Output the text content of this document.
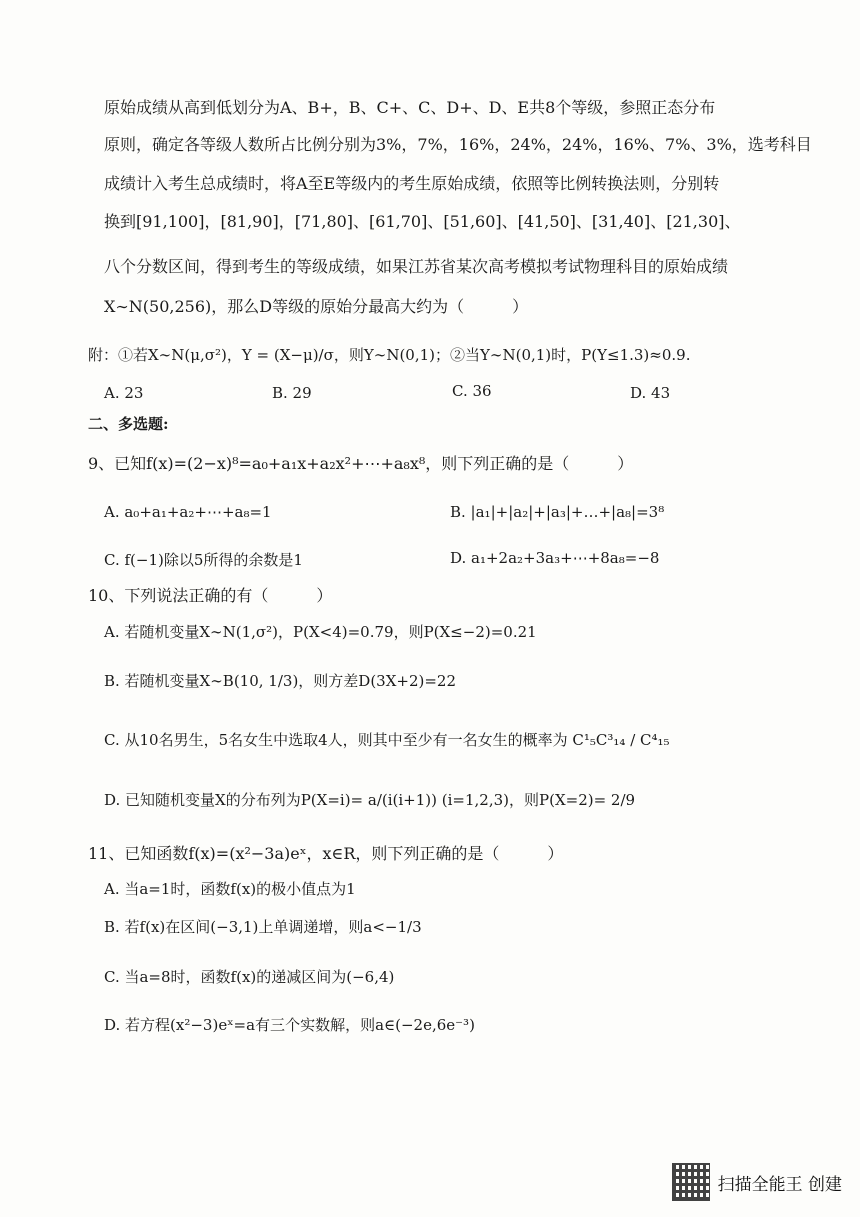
原始成绩从高到低划分为A、B+，B、C+、C、D+、D、E共8个等级，参照正态分布
原则，确定各等级人数所占比例分别为3%，7%，16%，24%，24%，16%、7%、3%，选考科目
成绩计入考生总成绩时，将A至E等级内的考生原始成绩，依照等比例转换法则，分别转
换到[91,100]，[81,90]，[71,80]、[61,70]、[51,60]、[41,50]、[31,40]、[21,30]、
八个分数区间，得到考生的等级成绩，如果江苏省某次高考模拟考试物理科目的原始成绩
X∼N(50,256)，那么D等级的原始分最高大约为（　　　）
附：①若X∼N(μ,σ²)，Y = (X−μ)/σ，则Y∼N(0,1)；②当Y∼N(0,1)时，P(Y≤1.3)≈0.9.
A. 23	B. 29	C. 36	D. 43
二、多选题:
9、已知f(x)=(2−x)⁸=a₀+a₁x+a₂x²+⋯+a₈x⁸，则下列正确的是（　　　）
A. a₀+a₁+a₂+⋯+a₈=1	B. |a₁|+|a₂|+|a₃|+…+|a₈|=3⁸
C. f(−1)除以5所得的余数是1	D. a₁+2a₂+3a₃+⋯+8a₈=−8
10、下列说法正确的有（　　　）
A. 若随机变量X∼N(1,σ²)，P(X<4)=0.79，则P(X≤−2)=0.21
B. 若随机变量X∼B(10, 1/3)，则方差D(3X+2)=22
C. 从10名男生，5名女生中选取4人，则其中至少有一名女生的概率为 C¹₅C³₁₄ / C⁴₁₅
D. 已知随机变量X的分布列为P(X=i)= a/(i(i+1)) (i=1,2,3)，则P(X=2)= 2/9
11、已知函数f(x)=(x²−3a)eˣ，x∈R，则下列正确的是（　　　）
A. 当a=1时，函数f(x)的极小值点为1
B. 若f(x)在区间(−3,1)上单调递增，则a<−1/3
C. 当a=8时，函数f(x)的递减区间为(−6,4)
D. 若方程(x²−3)eˣ=a有三个实数解，则a∈(−2e,6e⁻³)
扫描全能王 创建
